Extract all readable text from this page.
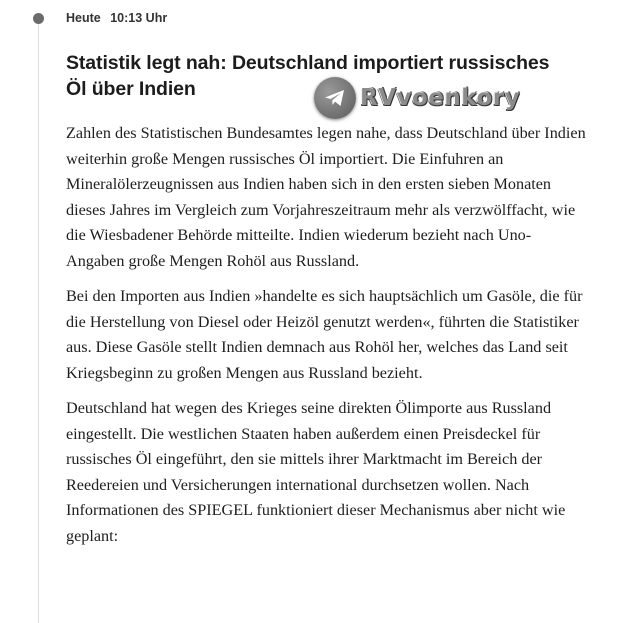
Heute 10:13 Uhr
Statistik legt nah: Deutschland importiert russisches Öl über Indien	RVvoenkory

Zahlen des Statistischen Bundesamtes legen nahe, dass Deutschland über Indien weiterhin große Mengen russisches Öl importiert. Die Einfuhren an Mineralölerzeugnissen aus Indien haben sich in den ersten sieben Monaten dieses Jahres im Vergleich zum Vorjahreszeitraum mehr als verzwölffacht, wie die Wiesbadener Behörde mitteilte. Indien wiederum bezieht nach Uno-Angaben große Mengen Rohöl aus Russland.

Bei den Importen aus Indien »handelte es sich hauptsächlich um Gasöle, die für die Herstellung von Diesel oder Heizöl genutzt werden«, führten die Statistiker aus. Diese Gasöle stellt Indien demnach aus Rohöl her, welches das Land seit Kriegsbeginn zu großen Mengen aus Russland bezieht.

Deutschland hat wegen des Krieges seine direkten Ölimporte aus Russland eingestellt. Die westlichen Staaten haben außerdem einen Preisdeckel für russisches Öl eingeführt, den sie mittels ihrer Marktmacht im Bereich der Reedereien und Versicherungen international durchsetzen wollen. Nach Informationen des SPIEGEL funktioniert dieser Mechanismus aber nicht wie geplant:
